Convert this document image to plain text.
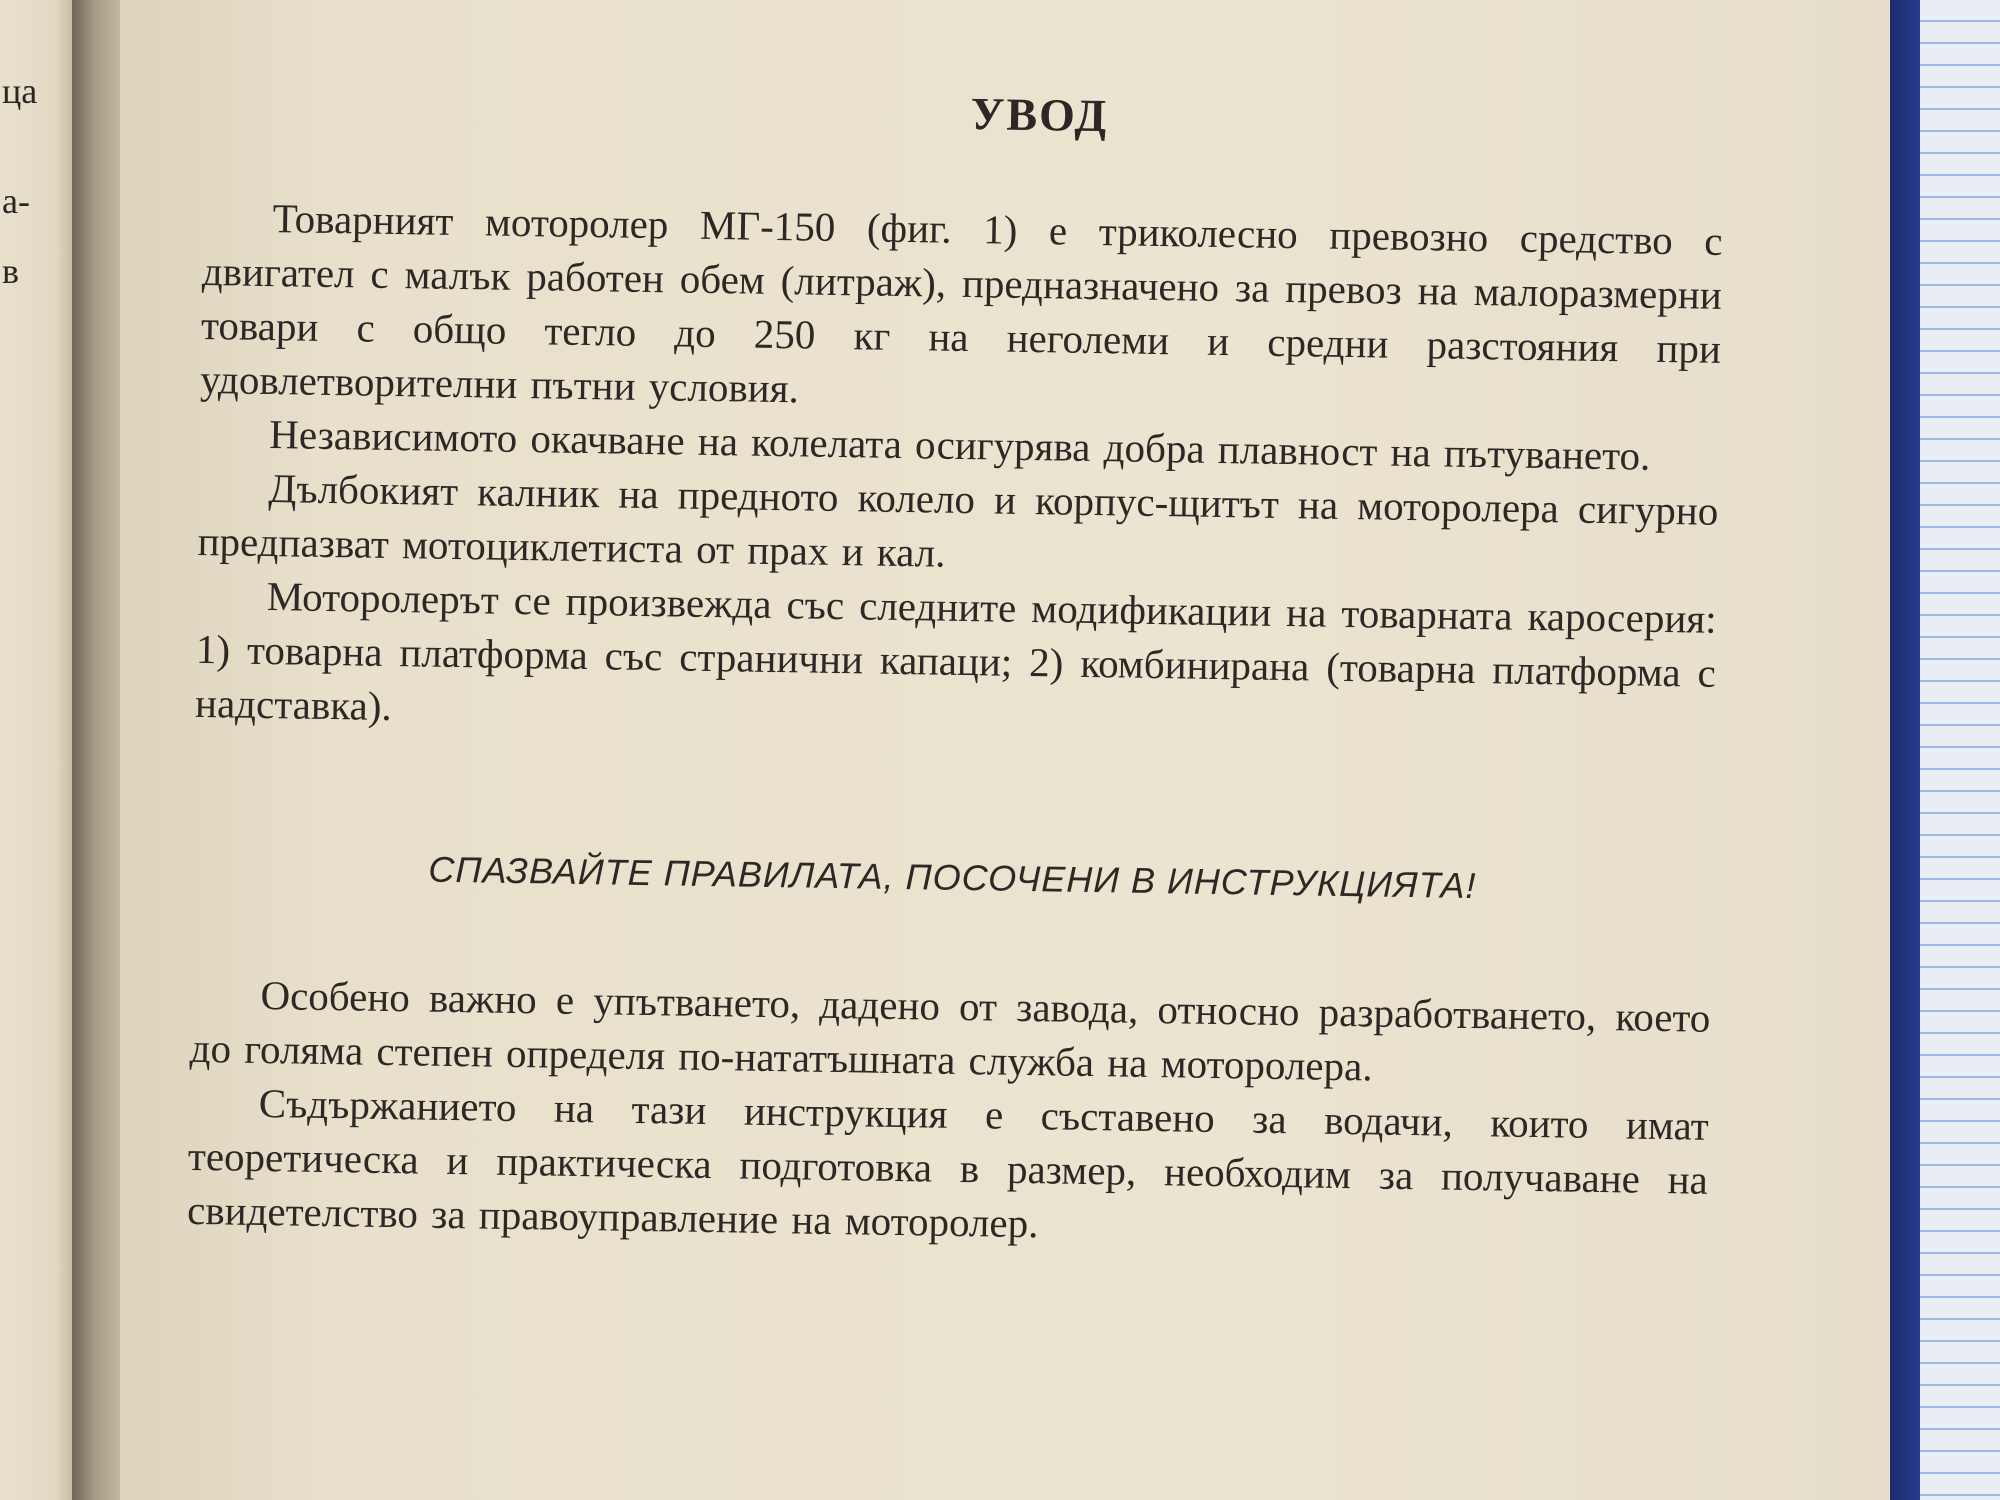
ца
а-
в
УВОД

Товарният моторолер МГ-150 (фиг. 1) е триколесно превозно средство с двигател с малък работен обем (литраж), предназначено за превоз на малоразмерни товари с общо тегло до 250 кг на неголеми и средни разстояния при удовлетворителни пътни условия.

Независимото окачване на колелата осигурява добра плавност на пътуването.

Дълбокият калник на предното колело и корпус-щитът на моторолера сигурно предпазват мотоциклетиста от прах и кал.

Моторолерът се произвежда със следните модификации на товарната каросерия: 1) товарна платформа със странични капаци; 2) комбинирана (товарна платформа с надставка).

СПАЗВАЙТЕ ПРАВИЛАТА, ПОСОЧЕНИ В ИНСТРУКЦИЯТА!

Особено важно е упътването, дадено от завода, относно разработването, което до голяма степен определя по-нататъшната служба на моторолера.

Съдържанието на тази инструкция е съставено за водачи, които имат теоретическа и практическа подготовка в размер, необходим за получаване на свидетелство за правоуправление на моторолер.
